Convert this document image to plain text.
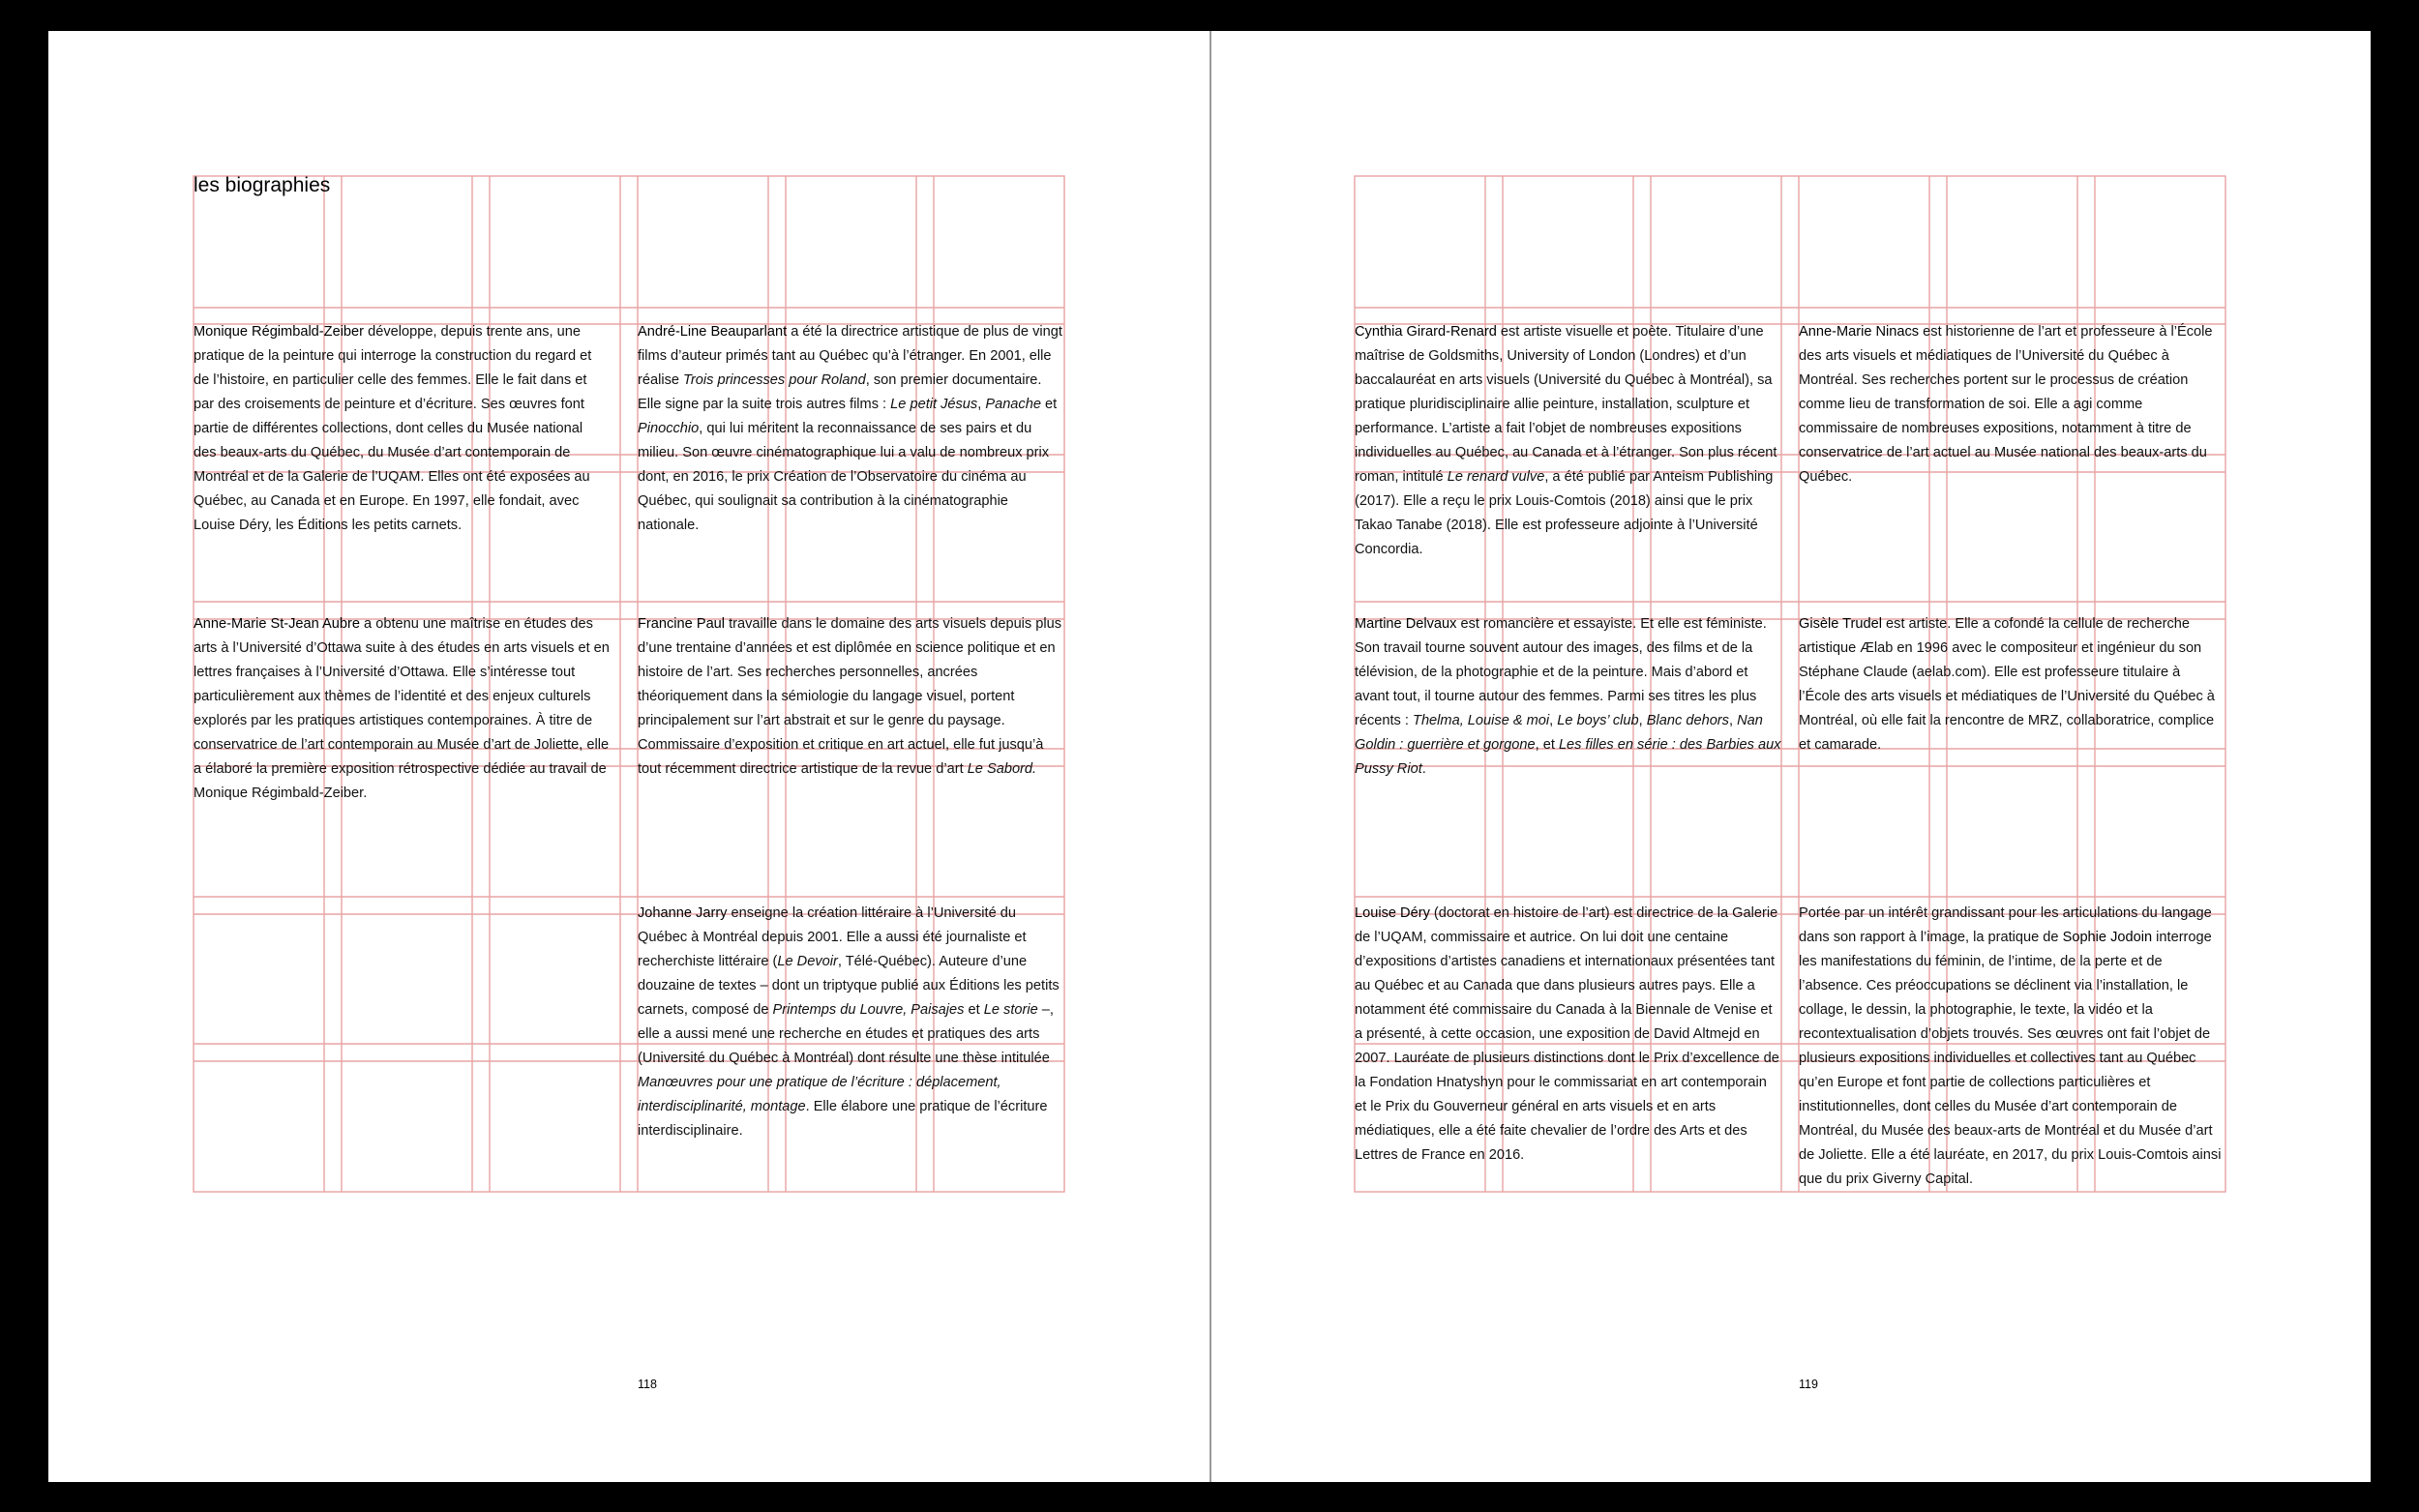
les biographies

Monique Régimbald-Zeiber développe, depuis trente ans, une pratique de la peinture qui interroge la construction du regard et de l’histoire, en particulier celle des femmes. Elle le fait dans et par des croisements de peinture et d’écriture. Ses œuvres font partie de différentes collections, dont celles du Musée national des beaux-arts du Québec, du Musée d’art contemporain de Montréal et de la Galerie de l’UQAM. Elles ont été exposées au Québec, au Canada et en Europe. En 1997, elle fondait, avec Louise Déry, les Éditions les petits carnets.

André-Line Beauparlant a été la directrice artistique de plus de vingt films d’auteur primés tant au Québec qu’à l’étranger. En 2001, elle réalise Trois princesses pour Roland, son premier documentaire. Elle signe par la suite trois autres films : Le petit Jésus, Panache et Pinocchio, qui lui méritent la reconnaissance de ses pairs et du milieu. Son œuvre cinématographique lui a valu de nombreux prix dont, en 2016, le prix Création de l’Observatoire du cinéma au Québec, qui soulignait sa contribution à la cinématographie nationale.

Anne-Marie St-Jean Aubre a obtenu une maîtrise en études des arts à l’Université d’Ottawa suite à des études en arts visuels et en lettres françaises à l’Université d’Ottawa. Elle s’intéresse tout particulièrement aux thèmes de l’identité et des enjeux culturels explorés par les pratiques artistiques contemporaines. À titre de conservatrice de l’art contemporain au Musée d’art de Joliette, elle a élaboré la première exposition rétrospective dédiée au travail de Monique Régimbald-Zeiber.

Francine Paul travaille dans le domaine des arts visuels depuis plus d’une trentaine d’années et est diplômée en science politique et en histoire de l’art. Ses recherches personnelles, ancrées théoriquement dans la sémiologie du langage visuel, portent principalement sur l’art abstrait et sur le genre du paysage. Commissaire d’exposition et critique en art actuel, elle fut jusqu’à tout récemment directrice artistique de la revue d’art Le Sabord.

Johanne Jarry enseigne la création littéraire à l’Université du Québec à Montréal depuis 2001. Elle a aussi été journaliste et recherchiste littéraire (Le Devoir, Télé-Québec). Auteure d’une douzaine de textes – dont un triptyque publié aux Éditions les petits carnets, composé de Printemps du Louvre, Paisajes et Le storie –, elle a aussi mené une recherche en études et pratiques des arts (Université du Québec à Montréal) dont résulte une thèse intitulée Manœuvres pour une pratique de l’écriture : déplacement, interdisciplinarité, montage. Elle élabore une pratique de l’écriture interdisciplinaire.

118

Cynthia Girard-Renard est artiste visuelle et poète. Titulaire d’une maîtrise de Goldsmiths, University of London (Londres) et d’un baccalauréat en arts visuels (Université du Québec à Montréal), sa pratique pluridisciplinaire allie peinture, installation, sculpture et performance. L’artiste a fait l’objet de nombreuses expositions individuelles au Québec, au Canada et à l’étranger. Son plus récent roman, intitulé Le renard vulve, a été publié par Anteism Publishing (2017). Elle a reçu le prix Louis-Comtois (2018) ainsi que le prix Takao Tanabe (2018). Elle est professeure adjointe à l’Université Concordia.

Anne-Marie Ninacs est historienne de l’art et professeure à l’École des arts visuels et médiatiques de l’Université du Québec à Montréal. Ses recherches portent sur le processus de création comme lieu de transformation de soi. Elle a agi comme commissaire de nombreuses expositions, notamment à titre de conservatrice de l’art actuel au Musée national des beaux-arts du Québec.

Martine Delvaux est romancière et essayiste. Et elle est féministe. Son travail tourne souvent autour des images, des films et de la télévision, de la photographie et de la peinture. Mais d’abord et avant tout, il tourne autour des femmes. Parmi ses titres les plus récents : Thelma, Louise & moi, Le boys’ club, Blanc dehors, Nan Goldin : guerrière et gorgone, et Les filles en série : des Barbies aux Pussy Riot.

Gisèle Trudel est artiste. Elle a cofondé la cellule de recherche artistique Ælab en 1996 avec le compositeur et ingénieur du son Stéphane Claude (aelab.com). Elle est professeure titulaire à l’École des arts visuels et médiatiques de l’Université du Québec à Montréal, où elle fait la rencontre de MRZ, collaboratrice, complice et camarade.

Louise Déry (doctorat en histoire de l’art) est directrice de la Galerie de l’UQAM, commissaire et autrice. On lui doit une centaine d’expositions d’artistes canadiens et internationaux présentées tant au Québec et au Canada que dans plusieurs autres pays. Elle a notamment été commissaire du Canada à la Biennale de Venise et a présenté, à cette occasion, une exposition de David Altmejd en 2007. Lauréate de plusieurs distinctions dont le Prix d’excellence de la Fondation Hnatyshyn pour le commissariat en art contemporain et le Prix du Gouverneur général en arts visuels et en arts médiatiques, elle a été faite chevalier de l’ordre des Arts et des Lettres de France en 2016.

Portée par un intérêt grandissant pour les articulations du langage dans son rapport à l’image, la pratique de Sophie Jodoin interroge les manifestations du féminin, de l’intime, de la perte et de l’absence. Ces préoccupations se déclinent via l’installation, le collage, le dessin, la photographie, le texte, la vidéo et la recontextualisation d’objets trouvés. Ses œuvres ont fait l’objet de plusieurs expositions individuelles et collectives tant au Québec qu’en Europe et font partie de collections particulières et institutionnelles, dont celles du Musée d’art contemporain de Montréal, du Musée des beaux-arts de Montréal et du Musée d’art de Joliette. Elle a été lauréate, en 2017, du prix Louis-Comtois ainsi que du prix Giverny Capital.

119
